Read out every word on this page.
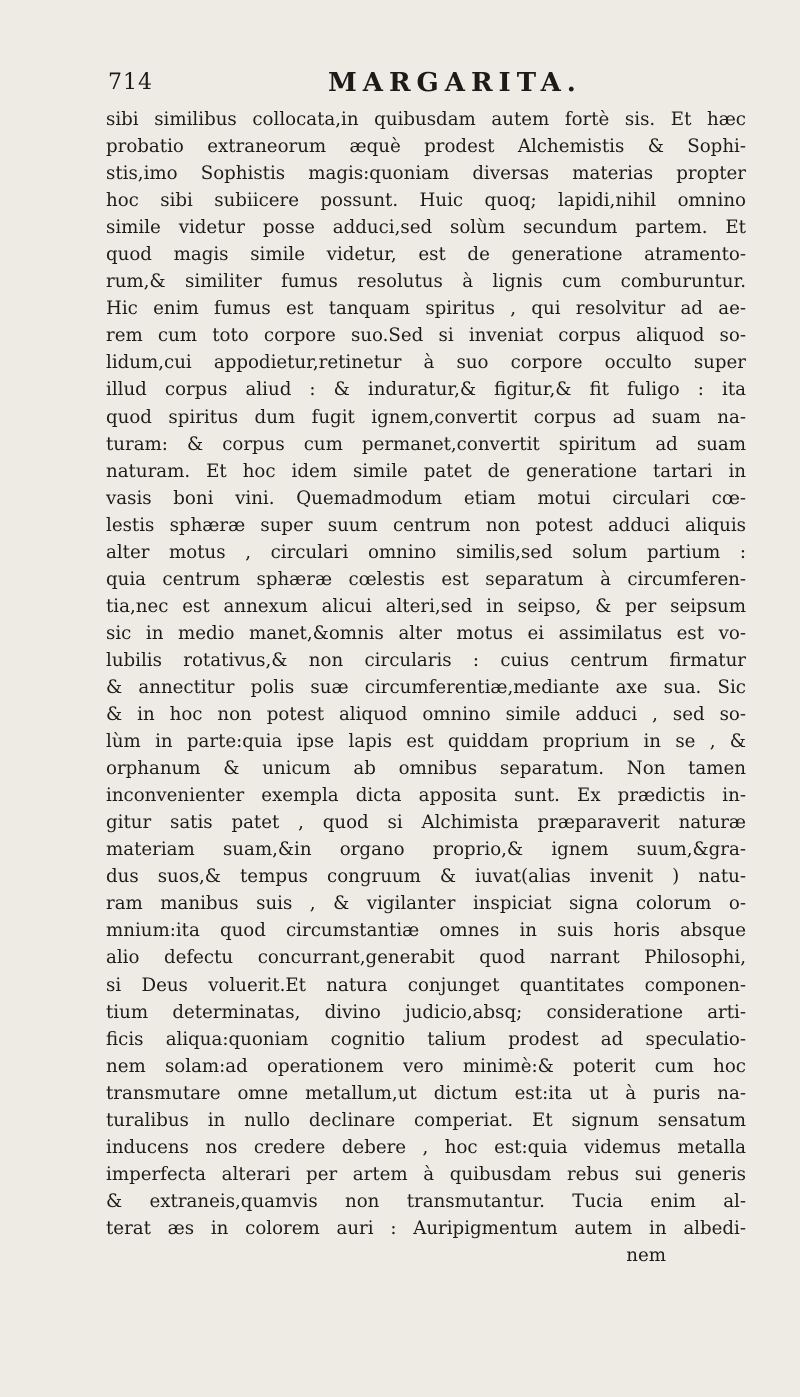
714	MARGARITA.
sibi similibus collocata,in quibusdam autem fortè sis. Et hæc
probatio extraneorum æquè prodest Alchemistis & Sophi-
stis,imo Sophistis magis:quoniam diversas materias propter
hoc sibi subiicere possunt. Huic quoq; lapidi,nihil omnino
simile videtur posse adduci,sed solùm secundum partem. Et
quod magis simile videtur, est de generatione atramento-
rum,& similiter fumus resolutus à lignis cum comburuntur.
Hic enim fumus est tanquam spiritus , qui resolvitur ad ae-
rem cum toto corpore suo.Sed si inveniat corpus aliquod so-
lidum,cui appodietur,retinetur à suo corpore occulto super
illud corpus aliud : & induratur,& figitur,& fit fuligo : ita
quod spiritus dum fugit ignem,convertit corpus ad suam na-
turam: & corpus cum permanet,convertit spiritum ad suam
naturam. Et hoc idem simile patet de generatione tartari in
vasis boni vini. Quemadmodum etiam motui circulari cœ-
lestis sphæræ super suum centrum non potest adduci aliquis
alter motus , circulari omnino similis,sed solum partium :
quia centrum sphæræ cœlestis est separatum à circumferen-
tia,nec est annexum alicui alteri,sed in seipso, & per seipsum
sic in medio manet,&omnis alter motus ei assimilatus est vo-
lubilis rotativus,& non circularis : cuius centrum firmatur
& annectitur polis suæ circumferentiæ,mediante axe sua. Sic
& in hoc non potest aliquod omnino simile adduci , sed so-
lùm in parte:quia ipse lapis est quiddam proprium in se , &
orphanum & unicum ab omnibus separatum. Non tamen
inconvenienter exempla dicta apposita sunt. Ex prædictis in-
gitur satis patet , quod si Alchimista præparaverit naturæ
materiam suam,&in organo proprio,& ignem suum,&gra-
dus suos,& tempus congruum & iuvat(alias invenit ) natu-
ram manibus suis , & vigilanter inspiciat signa colorum o-
mnium:ita quod circumstantiæ omnes in suis horis absque
alio defectu concurrant,generabit quod narrant Philosophi,
si Deus voluerit.Et natura conjunget quantitates componen-
tium determinatas, divino judicio,absq; consideratione arti-
ficis aliqua:quoniam cognitio talium prodest ad speculatio-
nem solam:ad operationem vero minimè:& poterit cum hoc
transmutare omne metallum,ut dictum est:ita ut à puris na-
turalibus in nullo declinare comperiat. Et signum sensatum
inducens nos credere debere , hoc est:quia videmus metalla
imperfecta alterari per artem à quibusdam rebus sui generis
& extraneis,quamvis non transmutantur. Tucia enim al-
terat æs in colorem auri : Auripigmentum autem in albedi-
nem
